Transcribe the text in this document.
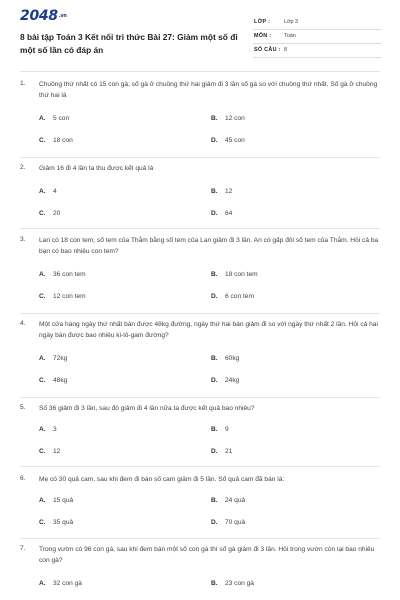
2048.vn
8 bài tập Toán 3 Kết nối tri thức Bài 27: Giảm một số đi một số lần có đáp án
LỚP :	Lớp 3
MÔN : Toán
SỐ CÂU : 8
1. Chuồng thứ nhất có 15 con gà, số gà ở chuồng thứ hai giảm đi 3 lần số gà so với chuồng thứ nhất. Số gà ở chuồng thứ hai là
A. 5 con	B. 12 con
C. 18 con	D. 45 con
2. Giảm 16 đi 4 lần ta thu được kết quả là
A. 4	B. 12
C. 20	D. 64
3. Lan có 18 con tem, số tem của Thắm bằng số tem của Lan giảm đi 3 lần. An có gấp đôi số tem của Thắm. Hỏi cả ba bạn có bao nhiêu con tem?
A. 36 con tem	B. 18 con tem
C. 12 con tem	D. 6 con tem
4. Một cửa hàng ngày thứ nhất bán được 48kg đường, ngày thứ hai bán giảm đi so với ngày thứ nhất 2 lần. Hỏi cả hai ngày bán được bao nhiêu ki-lô-gam đường?
A. 72kg	B. 60kg
C. 48kg	D. 24kg
5. Số 36 giảm đi 3 lần, sau đó giảm đi 4 lần nữa ta được kết quả bao nhiêu?
A. 3	B. 9
C. 12	D. 21
6. Mẹ có 30 quả cam, sau khi đem đi bán số cam giảm đi 5 lần. Số quả cam đã bán là:
A. 15 quả	B. 24 quả
C. 35 quả	D. 70 quả
7. Trong vườn có 96 con gà, sau khi đem bán một số con gà thì số gà giảm đi 3 lần. Hỏi trong vườn còn lại bao nhiêu con gà?
A. 32 con gà	B. 23 con gà
